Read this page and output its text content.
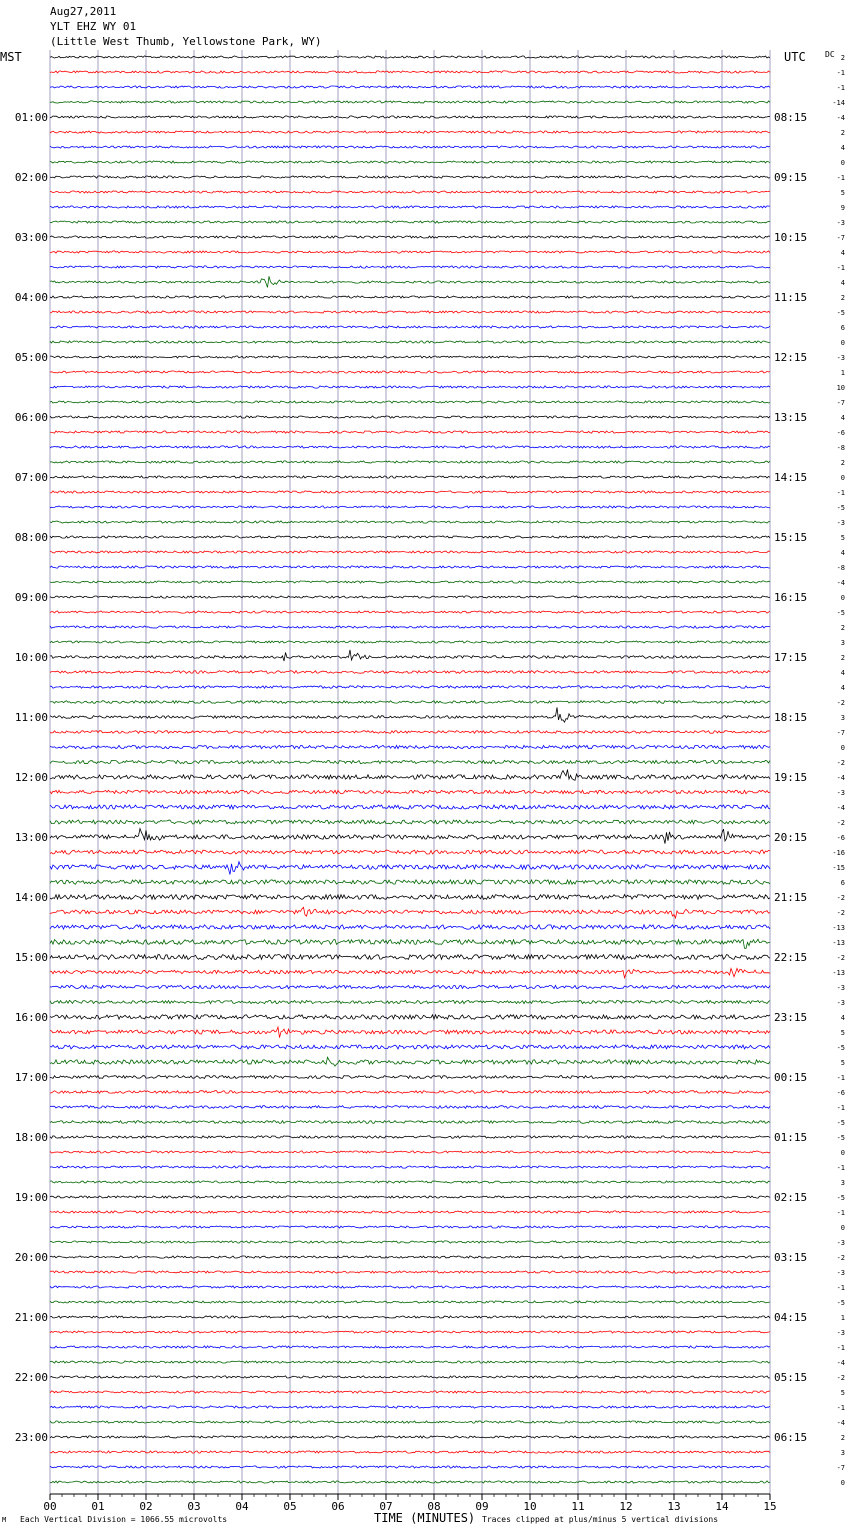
Aug27,2011
YLT EHZ WY 01
(Little West Thumb, Yellowstone Park, WY)
MST	UTC DC
00	01	02	03	04	05	06	07	08	09	10	11	12	13	14	15
01:00
02:00
03:00
04:00
05:00
06:00
07:00
08:00
09:00
10:00
11:00
12:00
13:00
14:00
15:00
16:00
17:00
18:00
19:00
20:00
21:00
22:00
23:00
08:15
09:15
10:15
11:15
12:15
13:15
14:15
15:15
16:15
17:15
18:15
19:15
20:15
21:15
22:15
23:15
00:15
01:15
02:15
03:15
04:15
05:15
06:15
2
-1
-1
-14
-4
2
4
0
-1
5
9
-3
-7
4
-1
4
2
-5
6
0
-3
1
10
-7
4
-6
-8
2
0
-1
-5
-3
5
4
-8
-4
0
-5
2
3
2
4
4
-2
3
-7
0
-2
-4
-3
-4
-2
-6
-16
-15
6
-2
-2
-13
-13
-2
-13
-3
-3
4
5
-5
5
-1
-6
-1
-5
-5
0
-1
3
-5
-1
0
-3
-2
-3
-1
-5
1
-3
-1
-4
-2
5
-1
-4
2
3
-7
0
M Each Vertical Division = 1066.55 microvolts	TIME (MINUTES) Traces clipped at plus/minus 5 vertical divisions
